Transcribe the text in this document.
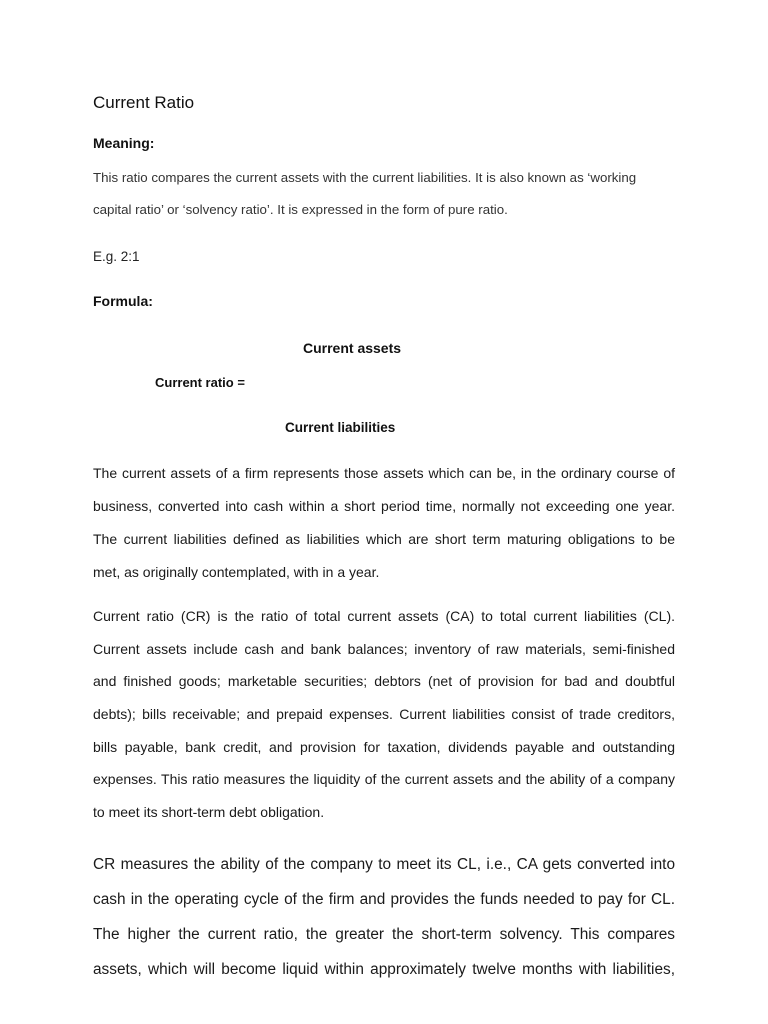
Current Ratio
Meaning:
This ratio compares the current assets with the current liabilities. It is also known as ‘working
capital ratio’ or ‘solvency ratio’. It is expressed in the form of pure ratio.
E.g. 2:1
Formula:
Current assets
Current ratio =
Current liabilities
The current assets of a firm represents those assets which can be, in the ordinary course of
business, converted into cash within a short period time, normally not exceeding one year.
The current liabilities defined as liabilities which are short term maturing obligations to be
met, as originally contemplated, with in a year.
Current ratio (CR) is the ratio of total current assets (CA) to total current liabilities (CL).
Current assets include cash and bank balances; inventory of raw materials, semi-finished
and finished goods; marketable securities; debtors (net of provision for bad and doubtful
debts); bills receivable; and prepaid expenses. Current liabilities consist of trade creditors,
bills payable, bank credit, and provision for taxation, dividends payable and outstanding
expenses. This ratio measures the liquidity of the current assets and the ability of a company
to meet its short-term debt obligation.
CR measures the ability of the company to meet its CL, i.e., CA gets converted into
cash in the operating cycle of the firm and provides the funds needed to pay for CL.
The higher the current ratio, the greater the short-term solvency. This compares
assets, which will become liquid within approximately twelve months with liabilities,
